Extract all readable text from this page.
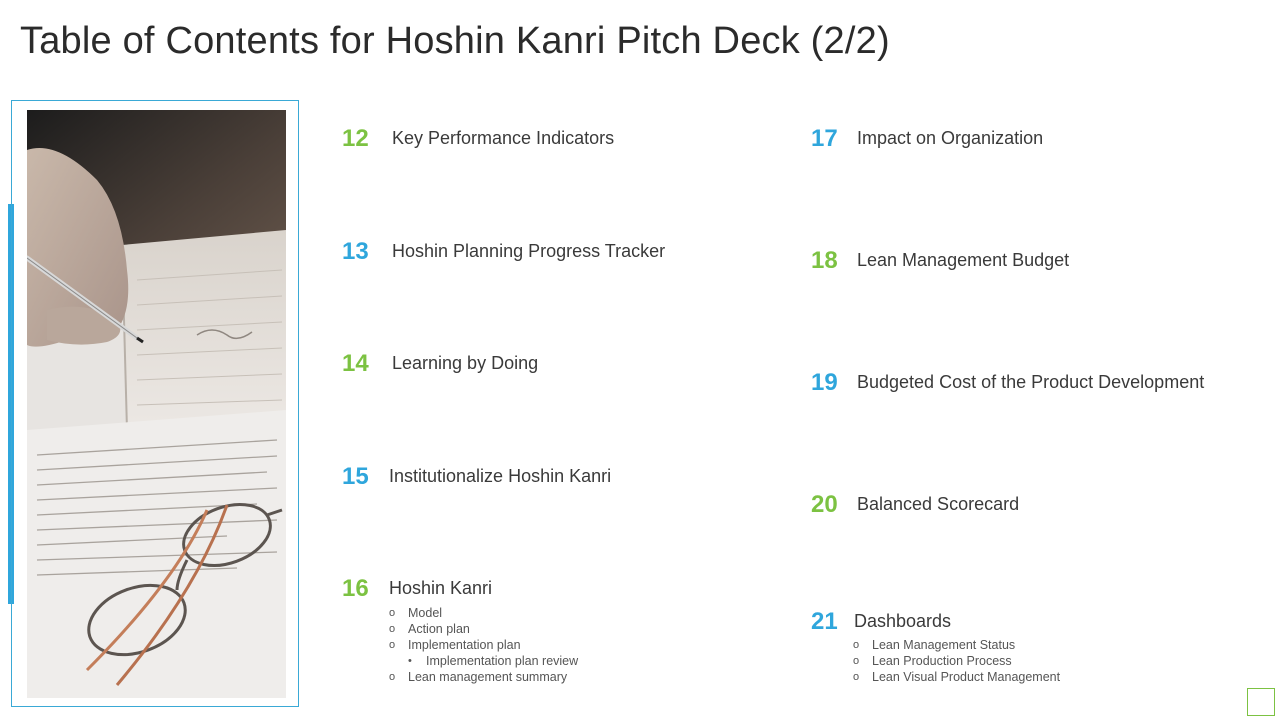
Table of Contents for Hoshin Kanri Pitch Deck (2/2)
12 Key Performance Indicators
13 Hoshin Planning Progress Tracker
14 Learning by Doing
15 Institutionalize Hoshin Kanri
16 Hoshin Kanri
o Model
o Action plan
o Implementation plan
• Implementation plan review
o Lean management summary
17 Impact on Organization
18 Lean Management Budget
19 Budgeted Cost of the Product Development
20 Balanced Scorecard
21 Dashboards
o Lean Management Status
o Lean Production Process
o Lean Visual Product Management
